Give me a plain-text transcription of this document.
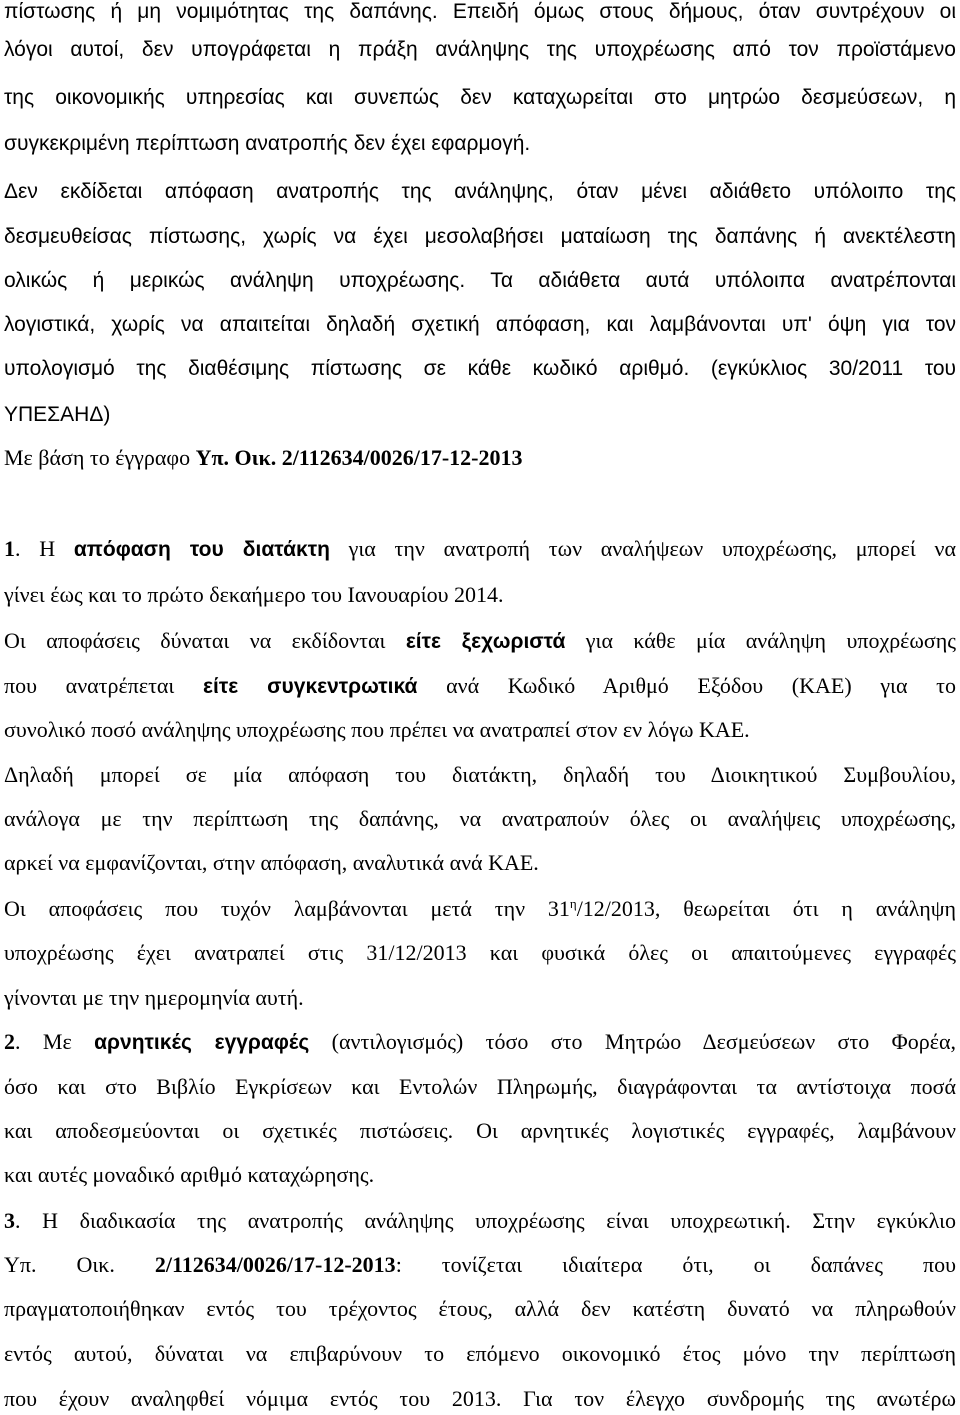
πίστωσης ή μη νομιμότητας της δαπάνης. Επειδή όμως στους δήμους, όταν συντρέχουν οι

λόγοι αυτοί, δεν υπογράφεται η πράξη ανάληψης της υποχρέωσης από τον προϊστάμενο

της οικονομικής υπηρεσίας και συνεπώς δεν καταχωρείται στο μητρώο δεσμεύσεων, η

συγκεκριμένη περίπτωση ανατροπής δεν έχει εφαρμογή.

Δεν εκδίδεται απόφαση ανατροπής της ανάληψης, όταν μένει αδιάθετο υπόλοιπο της

δεσμευθείσας πίστωσης, χωρίς να έχει μεσολαβήσει ματαίωση της δαπάνης ή ανεκτέλεστη

ολικώς ή μερικώς ανάληψη υποχρέωσης. Τα αδιάθετα αυτά υπόλοιπα ανατρέπονται

λογιστικά, χωρίς να απαιτείται δηλαδή σχετική απόφαση, και λαμβάνονται υπ' όψη για τον

υπολογισμό της διαθέσιμης πίστωσης σε κάθε κωδικό αριθμό. (εγκύκλιος 30/2011 του

ΥΠΕΣΑΗΔ)

Με βάση το έγγραφο Υπ. Οικ. 2/112634/0026/17-12-2013

1. Η απόφαση του διατάκτη για την ανατροπή των αναλήψεων υποχρέωσης, μπορεί να

γίνει έως και το πρώτο δεκαήμερο του Ιανουαρίου 2014.

Οι αποφάσεις δύναται να εκδίδονται είτε ξεχωριστά για κάθε μία ανάληψη υποχρέωσης

που ανατρέπεται είτε συγκεντρωτικά ανά Κωδικό Αριθμό Εξόδου (ΚΑΕ) για το

συνολικό ποσό ανάληψης υποχρέωσης που πρέπει να ανατραπεί στον εν λόγω ΚΑΕ.

Δηλαδή μπορεί σε μία απόφαση του διατάκτη, δηλαδή του Διοικητικού Συμβουλίου,

ανάλογα με την περίπτωση της δαπάνης, να ανατραπούν όλες οι αναλήψεις υποχρέωσης,

αρκεί να εμφανίζονται, στην απόφαση, αναλυτικά ανά ΚΑΕ.

Οι αποφάσεις που τυχόν λαμβάνονται μετά την $31^\eta/12/2013$, θεωρείται ότι η ανάληψη

υποχρέωσης έχει ανατραπεί στις 31/12/2013 και φυσικά όλες οι απαιτούμενες εγγραφές

γίνονται με την ημερομηνία αυτή.

2. Με αρνητικές εγγραφές (αντιλογισμός) τόσο στο Μητρώο Δεσμεύσεων στο Φορέα,

όσο και στο Βιβλίο Εγκρίσεων και Εντολών Πληρωμής, διαγράφονται τα αντίστοιχα ποσά

και αποδεσμεύονται οι σχετικές πιστώσεις. Οι αρνητικές λογιστικές εγγραφές, λαμβάνουν

και αυτές μοναδικό αριθμό καταχώρησης.

3. Η διαδικασία της ανατροπής ανάληψης υποχρέωσης είναι υποχρεωτική. Στην εγκύκλιο

Υπ. Οικ. 2/112634/0026/17-12-2013: τονίζεται ιδιαίτερα ότι, οι δαπάνες που

πραγματοποιήθηκαν εντός του τρέχοντος έτους, αλλά δεν κατέστη δυνατό να πληρωθούν

εντός αυτού, δύναται να επιβαρύνουν το επόμενο οικονομικό έτος μόνο την περίπτωση

που έχουν αναληφθεί νόμιμα εντός του 2013. Για τον έλεγχο συνδρομής της ανωτέρω
